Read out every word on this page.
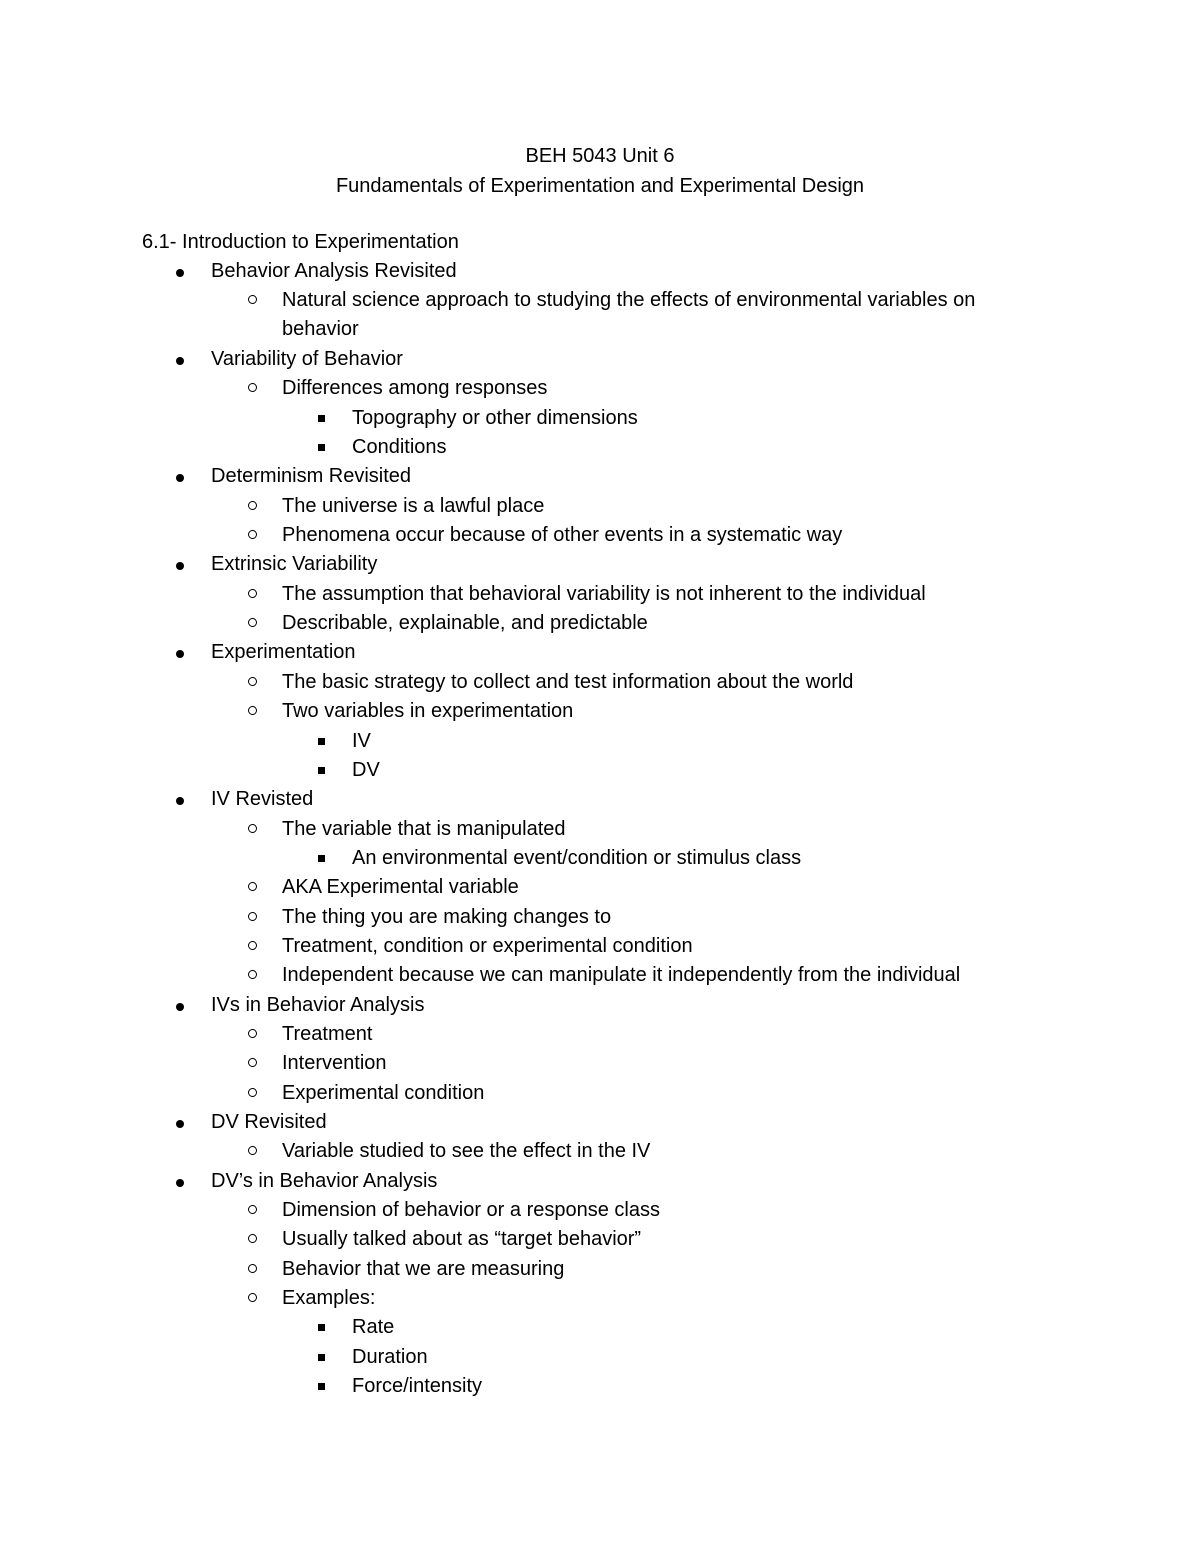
BEH 5043 Unit 6
Fundamentals of Experimentation and Experimental Design
6.1- Introduction to Experimentation
Behavior Analysis Revisited
Natural science approach to studying the effects of environmental variables on behavior
Variability of Behavior
Differences among responses
Topography or other dimensions
Conditions
Determinism Revisited
The universe is a lawful place
Phenomena occur because of other events in a systematic way
Extrinsic Variability
The assumption that behavioral variability is not inherent to the individual
Describable, explainable, and predictable
Experimentation
The basic strategy to collect and test information about the world
Two variables in experimentation
IV
DV
IV Revisted
The variable that is manipulated
An environmental event/condition or stimulus class
AKA Experimental variable
The thing you are making changes to
Treatment, condition or experimental condition
Independent because we can manipulate it independently from the individual
IVs in Behavior Analysis
Treatment
Intervention
Experimental condition
DV Revisited
Variable studied to see the effect in the IV
DV’s in Behavior Analysis
Dimension of behavior or a response class
Usually talked about as “target behavior”
Behavior that we are measuring
Examples:
Rate
Duration
Force/intensity
